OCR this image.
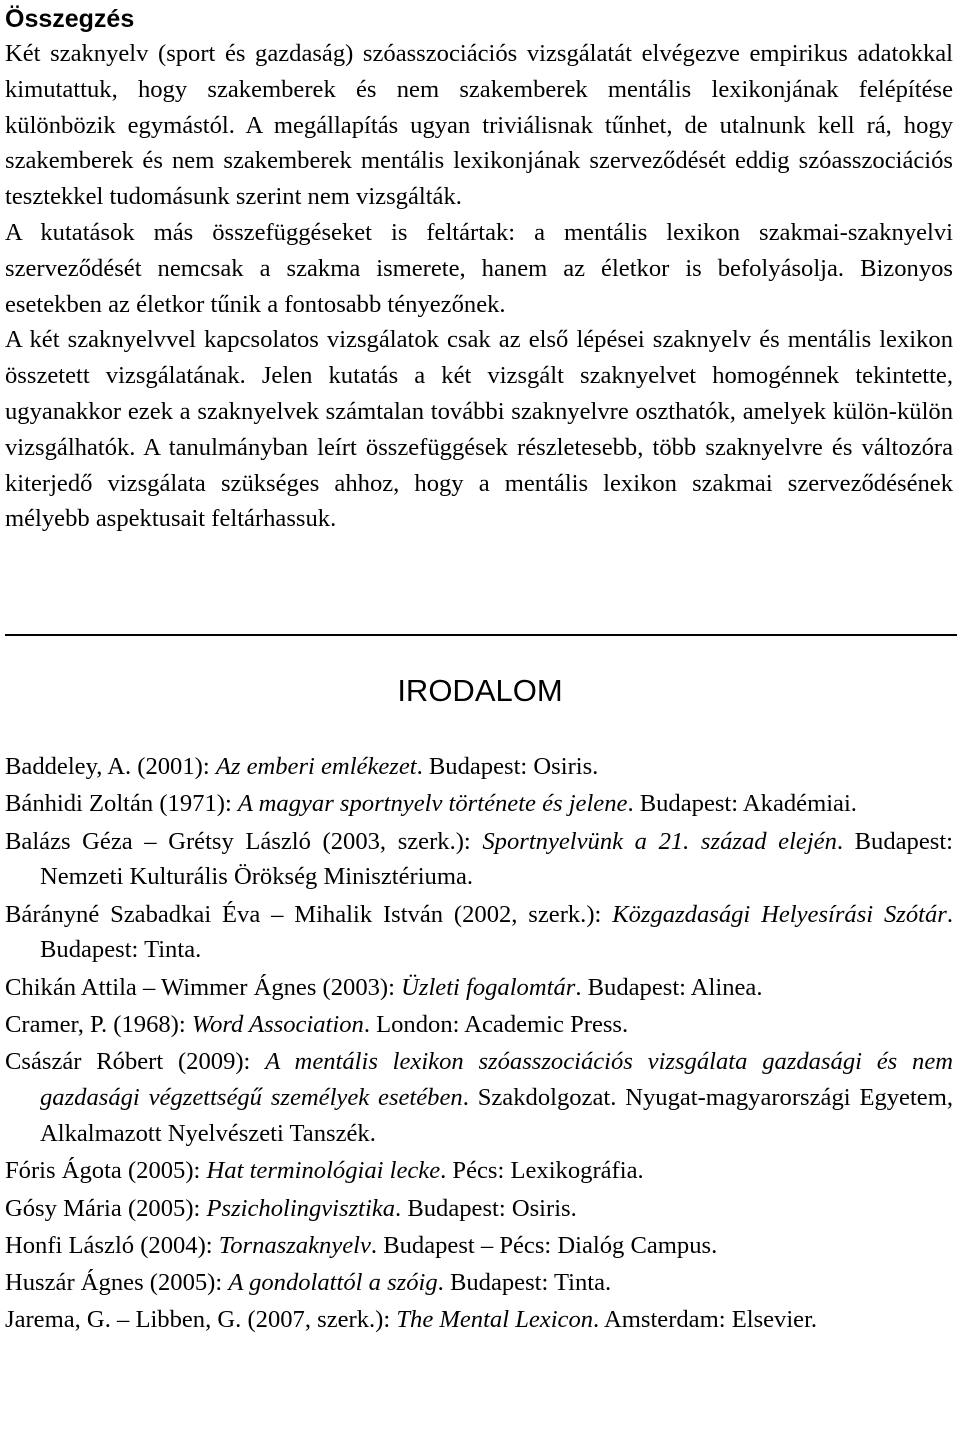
Összegzés

Két szaknyelv (sport és gazdaság) szóasszociációs vizsgálatát elvégezve empirikus adatokkal kimutattuk, hogy szakemberek és nem szakemberek mentális lexikonjának felépítése különbözik egymástól. A megállapítás ugyan triviálisnak tűnhet, de utalnunk kell rá, hogy szakemberek és nem szakemberek mentális lexikonjának szerveződését eddig szóasszociációs tesztekkel tudomásunk szerint nem vizsgálták.

A kutatások más összefüggéseket is feltártak: a mentális lexikon szakmai-szaknyelvi szerveződését nemcsak a szakma ismerete, hanem az életkor is befolyásolja. Bizonyos esetekben az életkor tűnik a fontosabb tényezőnek.

A két szaknyelvvel kapcsolatos vizsgálatok csak az első lépései szaknyelv és mentális lexikon összetett vizsgálatának. Jelen kutatás a két vizsgált szaknyelvet homogénnek tekintette, ugyanakkor ezek a szaknyelvek számtalan további szaknyelvre oszthatók, amelyek külön-külön vizsgálhatók. A tanulmányban leírt összefüggések részletesebb, több szaknyelvre és változóra kiterjedő vizsgálata szükséges ahhoz, hogy a mentális lexikon szakmai szerveződésének mélyebb aspektusait feltárhassuk.

IRODALOM

Baddeley, A. (2001): Az emberi emlékezet. Budapest: Osiris.

Bánhidi Zoltán (1971): A magyar sportnyelv története és jelene. Budapest: Akadémiai.

Balázs Géza – Grétsy László (2003, szerk.): Sportnyelvünk a 21. század elején. Budapest: Nemzeti Kulturális Örökség Minisztériuma.

Bárányné Szabadkai Éva – Mihalik István (2002, szerk.): Közgazdasági Helyesírási Szótár. Budapest: Tinta.

Chikán Attila – Wimmer Ágnes (2003): Üzleti fogalomtár. Budapest: Alinea.

Cramer, P. (1968): Word Association. London: Academic Press.

Császár Róbert (2009): A mentális lexikon szóasszociációs vizsgálata gazdasági és nem gazdasági végzettségű személyek esetében. Szakdolgozat. Nyugat-magyarországi Egyetem, Alkalmazott Nyelvészeti Tanszék.

Fóris Ágota (2005): Hat terminológiai lecke. Pécs: Lexikográfia.

Gósy Mária (2005): Pszicholingvisztika. Budapest: Osiris.

Honfi László (2004): Tornaszaknyelv. Budapest – Pécs: Dialóg Campus.

Huszár Ágnes (2005): A gondolattól a szóig. Budapest: Tinta.

Jarema, G. – Libben, G. (2007, szerk.): The Mental Lexicon. Amsterdam: Elsevier.
